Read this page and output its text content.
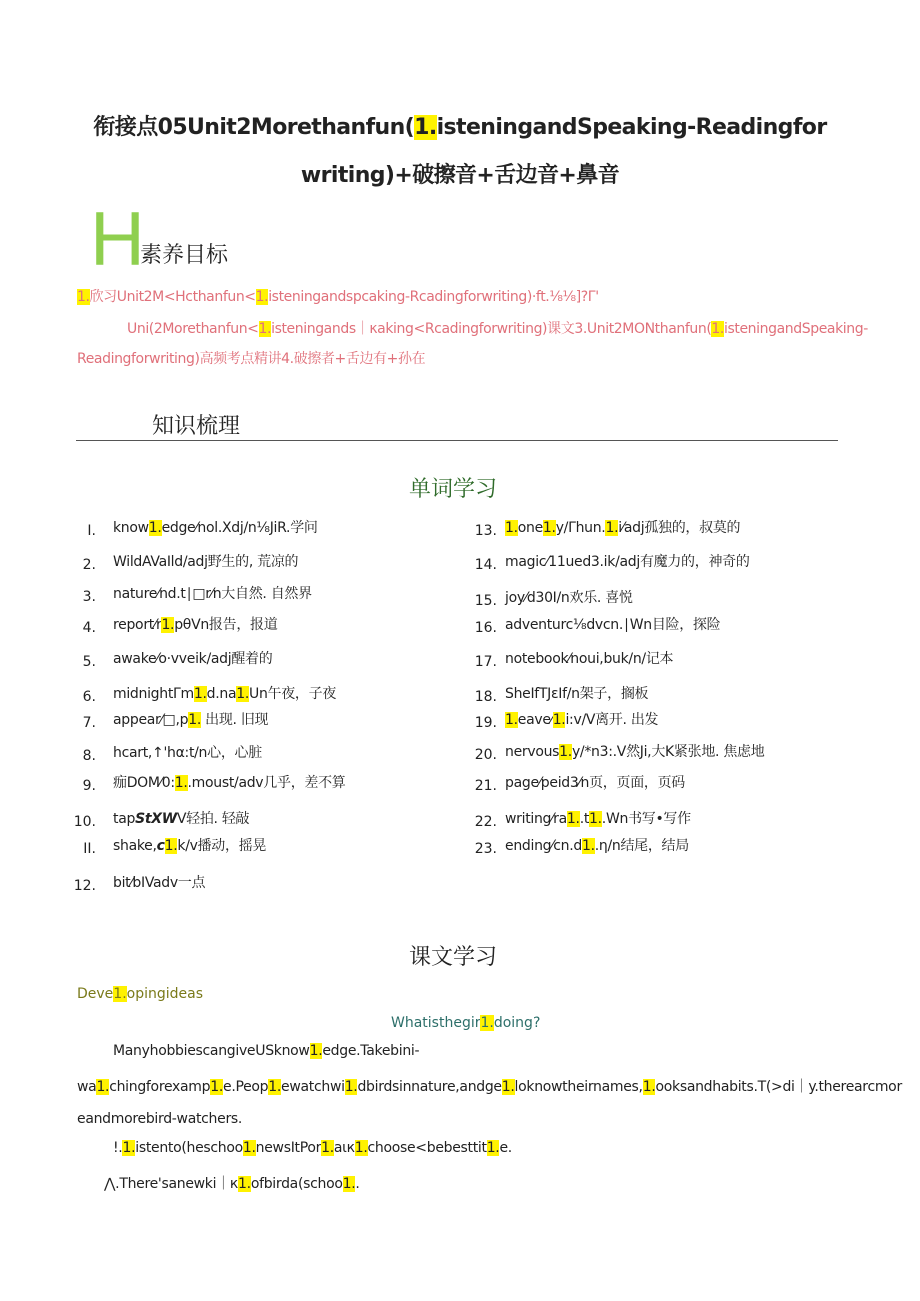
衔接点05Unit2Morethanfun(1.isteningandSpeaking-Readingfor
writing)+破擦音+舌边音+鼻音
H
素养目标
1.欣习Unit2M<Hcthanfun<1.isteningandspcaking-Rcadingforwriting)·ft.⅛⅛]?Γ'
Uni(2Morethanfun<1.isteningands｜κaking<Rcadingforwriting)课文3.Unit2MONthanfun(1.isteningandSpeaking-
Readingforwriting)高频考点精讲4.破擦者+舌边有+孙在
知识梳理
单词学习
I. know1.edge⁄nol.Xdj/n⅛JiR.学问
2. WildAVaIld/adj野生的, 荒凉的
3. nature⁄nd.t∣□r⁄n大自然. 自然界
4. report⁄r1.pθVn报告，报道
5. awake⁄o·vveik/adj醒着的
6. midnightΓm1.d.na1.Un午夜，子夜
7. appear⁄□,p1. 出现. 旧现
8. hcart,↑'hα:t/n心，心脏
9. 痂DOM⁄0:1..moust/adv几乎，差不算
10. tapStXWV轻拍. 轻敲
II. shake,c1.k/v播动，摇晃
12. bit⁄bIVadv一点
13. 1.one1.y/Γhun.1.i⁄adj孤独的，叔莫的
14. magic⁄11ued3.ik/adj有魔力的，神奇的
15. joy⁄d30I/n欢乐. 喜悦
16. adventurc⅛dvcn.∣Wn目险，探险
17. notebook⁄noui,buk/n/记本
18. SheIfTJεIf/n架子，搁板
19. 1.eave⁄1.i:v/V离开. 出发
20. nervous1.y/*n3:.V然Ji,大K紧张地. 焦虑地
21. page⁄peid3⁄n页，页面，页码
22. writing⁄ra1..t1..Wn书写•写作
23. ending⁄cn.d1..η/n结尾，结局
课文学习
Deve1.opingideas
Whatisthegir1.doing?
ManyhobbiescangiveUSknow1.edge.Takebini-
wa1.chingforexamp1.e.Peop1.ewatchwi1.dbirdsinnature,andge1.loknowtheirnames,1.ooksandhabits.T(>di｜y.therearcmor
eandmorebird-watchers.
!.1.istento(heschoo1.newsItPor1.aιк1.choose<bebesttit1.e.
⋀.There'sanewki｜к1.ofbirda(schoo1..
